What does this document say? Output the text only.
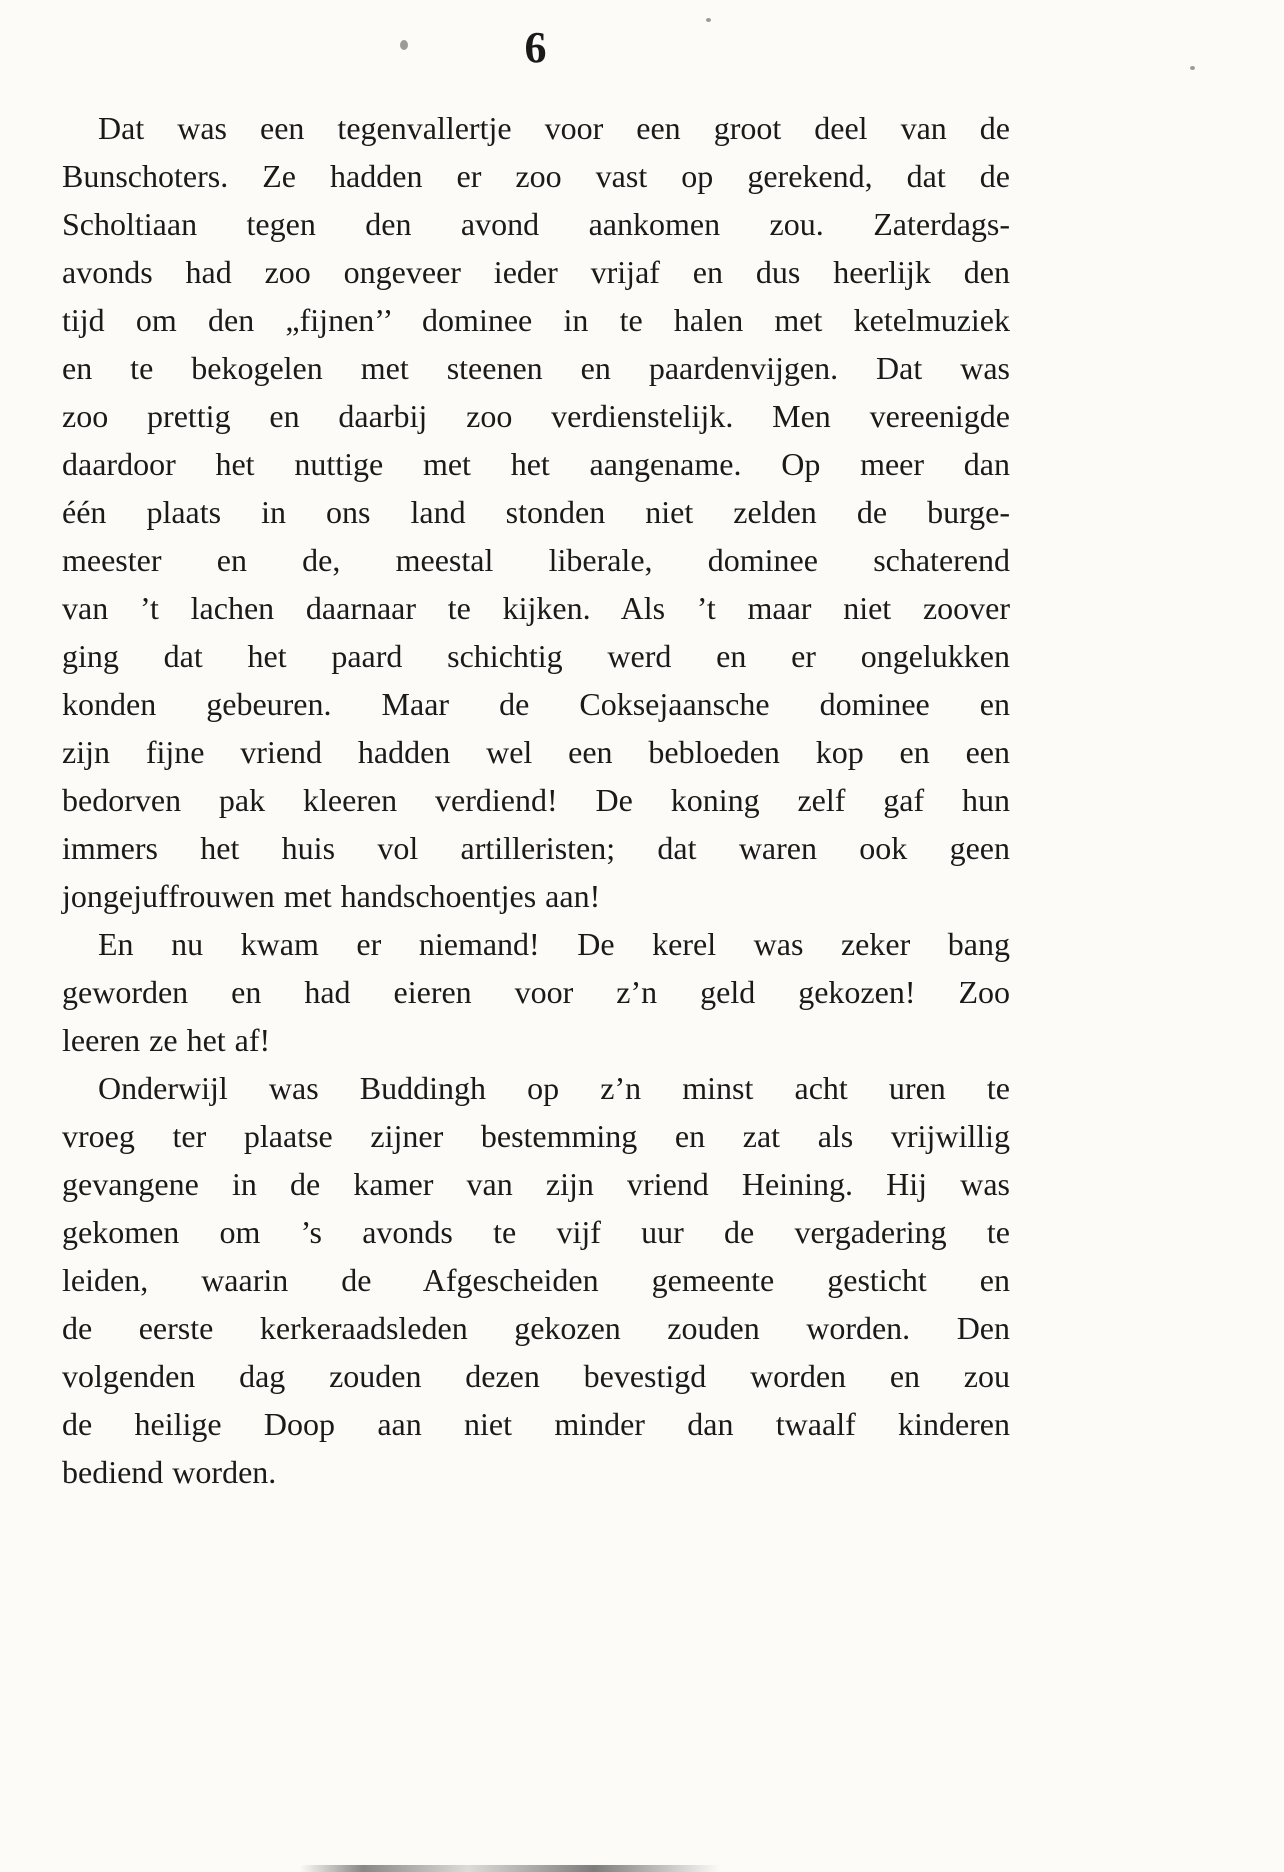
6
Dat was een tegenvallertje voor een groot deel van de
Bunschoters. Ze hadden er zoo vast op gerekend, dat de
Scholtiaan tegen den avond aankomen zou. Zaterdags-
avonds had zoo ongeveer ieder vrijaf en dus heerlijk den
tijd om den „fijnen’’ dominee in te halen met ketelmuziek
en te bekogelen met steenen en paardenvijgen. Dat was
zoo prettig en daarbij zoo verdienstelijk. Men vereenigde
daardoor het nuttige met het aangename. Op meer dan
één plaats in ons land stonden niet zelden de burge-
meester en de, meestal liberale, dominee schaterend
van ’t lachen daarnaar te kijken. Als ’t maar niet zoover
ging dat het paard schichtig werd en er ongelukken
konden gebeuren. Maar de Coksejaansche dominee en
zijn fijne vriend hadden wel een bebloeden kop en een
bedorven pak kleeren verdiend! De koning zelf gaf hun
immers het huis vol artilleristen; dat waren ook geen
jongejuffrouwen met handschoentjes aan!
En nu kwam er niemand! De kerel was zeker bang
geworden en had eieren voor z’n geld gekozen! Zoo
leeren ze het af!
Onderwijl was Buddingh op z’n minst acht uren te
vroeg ter plaatse zijner bestemming en zat als vrijwillig
gevangene in de kamer van zijn vriend Heining. Hij was
gekomen om ’s avonds te vijf uur de vergadering te
leiden, waarin de Afgescheiden gemeente gesticht en
de eerste kerkeraadsleden gekozen zouden worden. Den
volgenden dag zouden dezen bevestigd worden en zou
de heilige Doop aan niet minder dan twaalf kinderen
bediend worden.
